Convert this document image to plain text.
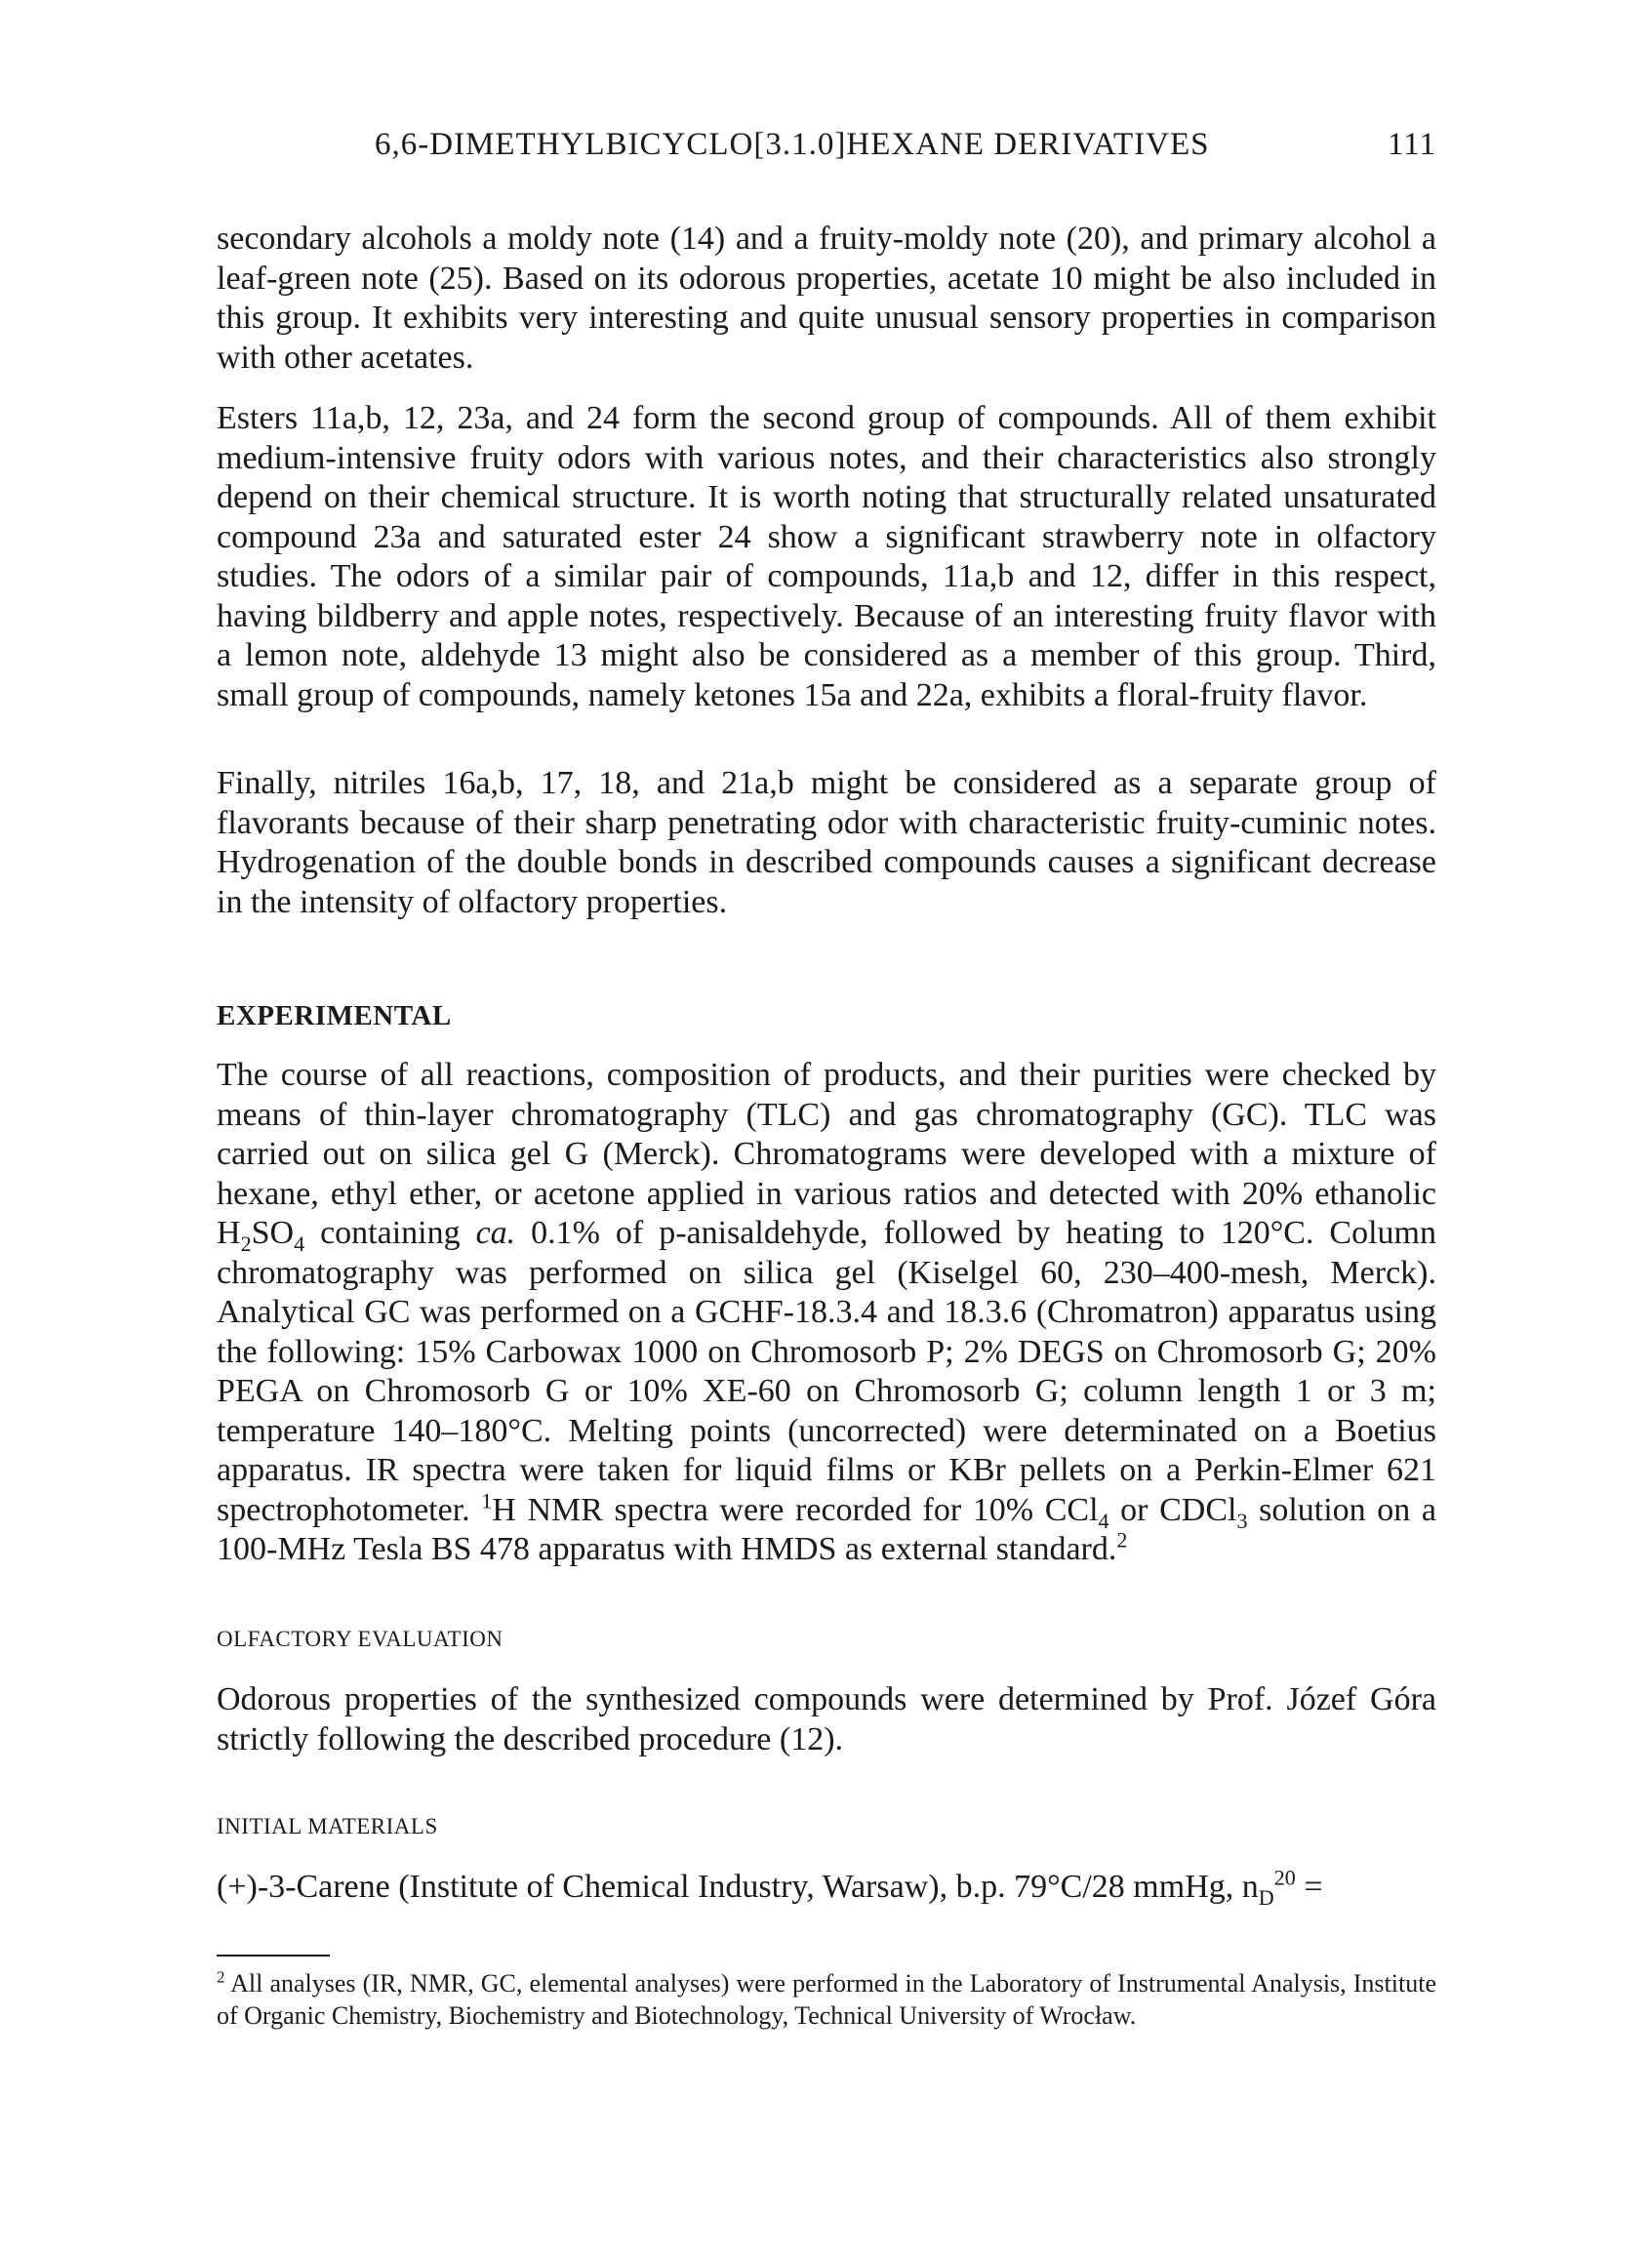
6,6-DIMETHYLBICYCLO[3.1.0]HEXANE DERIVATIVES	111

secondary alcohols a moldy note (14) and a fruity-moldy note (20), and primary alcohol a leaf-green note (25). Based on its odorous properties, acetate 10 might be also included in this group. It exhibits very interesting and quite unusual sensory properties in comparison with other acetates.

Esters 11a,b, 12, 23a, and 24 form the second group of compounds. All of them exhibit medium-intensive fruity odors with various notes, and their characteristics also strongly depend on their chemical structure. It is worth noting that structurally related unsaturated compound 23a and saturated ester 24 show a significant strawberry note in olfactory studies. The odors of a similar pair of compounds, 11a,b and 12, differ in this respect, having bildberry and apple notes, respectively. Because of an interesting fruity flavor with a lemon note, aldehyde 13 might also be considered as a member of this group. Third, small group of compounds, namely ketones 15a and 22a, exhibits a floral-fruity flavor.

Finally, nitriles 16a,b, 17, 18, and 21a,b might be considered as a separate group of flavorants because of their sharp penetrating odor with characteristic fruity-cuminic notes. Hydrogenation of the double bonds in described compounds causes a significant decrease in the intensity of olfactory properties.

EXPERIMENTAL

The course of all reactions, composition of products, and their purities were checked by means of thin-layer chromatography (TLC) and gas chromatography (GC). TLC was carried out on silica gel G (Merck). Chromatograms were developed with a mixture of hexane, ethyl ether, or acetone applied in various ratios and detected with 20% ethanolic $H_2SO_4$ containing ca. 0.1% of p-anisaldehyde, followed by heating to 120°C. Column chromatography was performed on silica gel (Kiselgel 60, 230–400-mesh, Merck). Analytical GC was performed on a GCHF-18.3.4 and 18.3.6 (Chromatron) apparatus using the following: 15% Carbowax 1000 on Chromosorb P; 2% DEGS on Chromosorb G; 20% PEGA on Chromosorb G or 10% XE-60 on Chromosorb G; column length 1 or 3 m; temperature 140–180°C. Melting points (uncorrected) were determinated on a Boetius apparatus. IR spectra were taken for liquid films or KBr pellets on a Perkin-Elmer 621 spectrophotometer. $^1$H NMR spectra were recorded for 10% CCl$_4$ or CDCl$_3$ solution on a 100-MHz Tesla BS 478 apparatus with HMDS as external standard.$^2$

OLFACTORY EVALUATION

Odorous properties of the synthesized compounds were determined by Prof. Józef Góra strictly following the described procedure (12).

INITIAL MATERIALS

(+)-3-Carene (Institute of Chemical Industry, Warsaw), b.p. 79°C/28 mmHg, $n_D^{20}$ =

$^2$ All analyses (IR, NMR, GC, elemental analyses) were performed in the Laboratory of Instrumental Analysis, Institute of Organic Chemistry, Biochemistry and Biotechnology, Technical University of Wrocław.
